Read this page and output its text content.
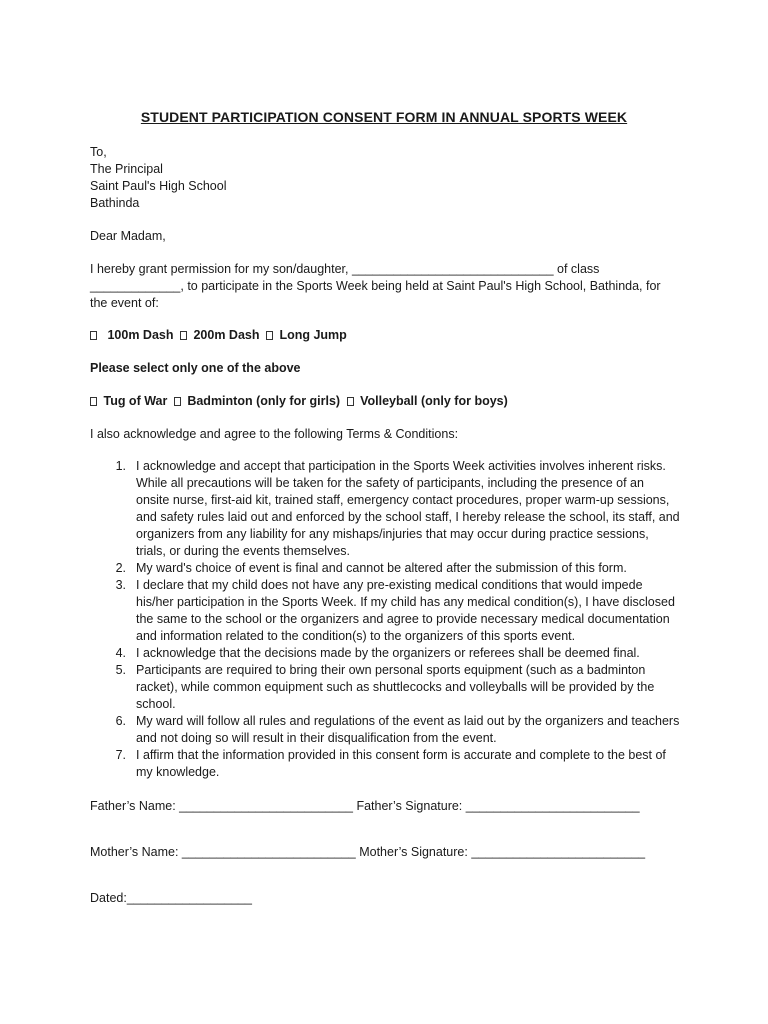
STUDENT PARTICIPATION CONSENT FORM IN ANNUAL SPORTS WEEK
To,
The Principal
Saint Paul's High School
Bathinda
Dear Madam,
I hereby grant permission for my son/daughter, _____________________________ of class _____________, to participate in the Sports Week being held at Saint Paul's High School, Bathinda, for the event of:
100m Dash 200m Dash Long Jump
Please select only one of the above
Tug of War Badminton (only for girls) Volleyball (only for boys)
I also acknowledge and agree to the following Terms & Conditions:
1. I acknowledge and accept that participation in the Sports Week activities involves inherent risks. While all precautions will be taken for the safety of participants, including the presence of an onsite nurse, first-aid kit, trained staff, emergency contact procedures, proper warm-up sessions, and safety rules laid out and enforced by the school staff, I hereby release the school, its staff, and organizers from any liability for any mishaps/injuries that may occur during practice sessions, trials, or during the events themselves.
2. My ward's choice of event is final and cannot be altered after the submission of this form.
3. I declare that my child does not have any pre-existing medical conditions that would impede his/her participation in the Sports Week. If my child has any medical condition(s), I have disclosed the same to the school or the organizers and agree to provide necessary medical documentation and information related to the condition(s) to the organizers of this sports event.
4. I acknowledge that the decisions made by the organizers or referees shall be deemed final.
5. Participants are required to bring their own personal sports equipment (such as a badminton racket), while common equipment such as shuttlecocks and volleyballs will be provided by the school.
6. My ward will follow all rules and regulations of the event as laid out by the organizers and teachers and not doing so will result in their disqualification from the event.
7. I affirm that the information provided in this consent form is accurate and complete to the best of my knowledge.
Father’s Name: _________________________ Father’s Signature: _________________________
Mother’s Name: _________________________ Mother’s Signature: _________________________
Dated:__________________
